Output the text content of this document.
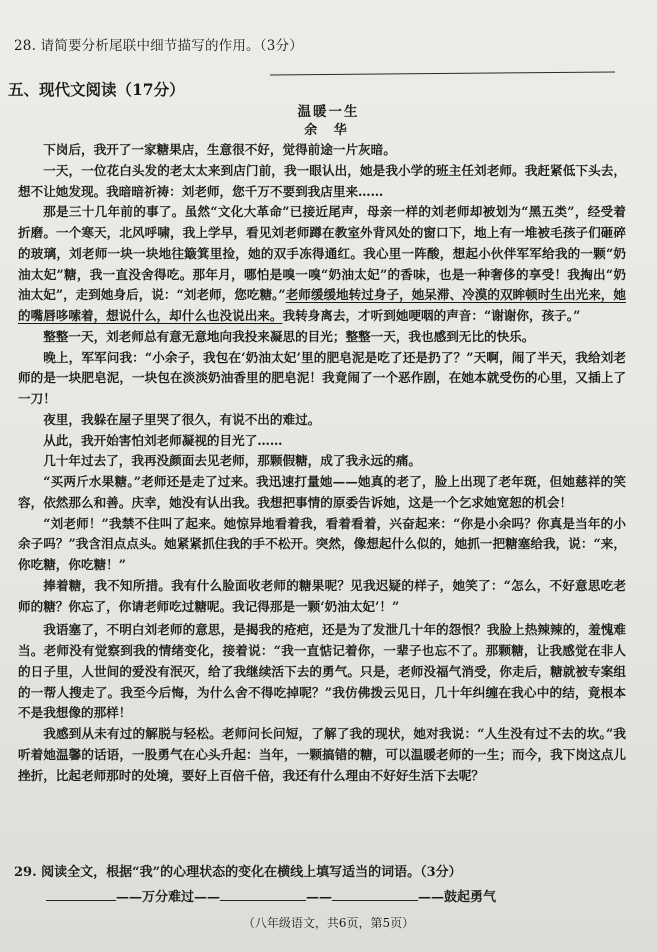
28. 请简要分析尾联中细节描写的作用。（3分）
五、现代文阅读（17分）
温暖一生
余 华

下岗后，我开了一家糖果店，生意很不好，觉得前途一片灰暗。

一天，一位花白头发的老太太来到店门前，我一眼认出，她是我小学的班主任刘老师。我赶紧低下头去，想不让她发现。我暗暗祈祷：刘老师，您千万不要到我店里来……

那是三十几年前的事了。虽然“文化大革命”已接近尾声，母亲一样的刘老师却被划为“黑五类”，经受着折磨。一个寒天，北风呼啸，我上学早，看见刘老师蹲在教室外背风处的窗口下，地上有一堆被毛孩子们砸碎的玻璃，刘老师一块一块地往簸箕里捡，她的双手冻得通红。我心里一阵酸，想起小伙伴军军给我的一颗“奶油太妃”糖，我一直没舍得吃。那年月，哪怕是嗅一嗅“奶油太妃”的香味，也是一种奢侈的享受！我掏出“奶油太妃”，走到她身后，说：“刘老师，您吃糖。”老师缓缓地转过身子，她呆滞、冷漠的双眸顿时生出光来，她的嘴唇哆嗦着，想说什么，却什么也没说出来。我转身离去，才听到她哽咽的声音：“谢谢你，孩子。”

整整一天，刘老师总有意无意地向我投来凝思的目光；整整一天，我也感到无比的快乐。

晚上，军军问我：“小余子，我包在‘奶油太妃’里的肥皂泥是吃了还是扔了？”天啊，闹了半天，我给刘老师的是一块肥皂泥，一块包在淡淡奶油香里的肥皂泥！我竟闹了一个恶作剧，在她本就受伤的心里，又插上了一刀！

夜里，我躲在屋子里哭了很久，有说不出的难过。

从此，我开始害怕刘老师凝视的目光了……

几十年过去了，我再没颜面去见老师，那颗假糖，成了我永远的痛。

“买两斤水果糖。”老师还是走了过来。我迅速打量她——她真的老了，脸上出现了老年斑，但她慈祥的笑容，依然那么和善。庆幸，她没有认出我。我想把事情的原委告诉她，这是一个乞求她宽恕的机会！

“刘老师！”我禁不住叫了起来。她惊异地看着我，看着看着，兴奋起来：“你是小余吗？你真是当年的小余子吗？”我含泪点点头。她紧紧抓住我的手不松开。突然，像想起什么似的，她抓一把糖塞给我，说：“来，你吃糖，你吃糖！”

捧着糖，我不知所措。我有什么脸面收老师的糖果呢？见我迟疑的样子，她笑了：“怎么，不好意思吃老师的糖？你忘了，你请老师吃过糖呢。我记得那是一颗‘奶油太妃’！”

我语塞了，不明白刘老师的意思，是揭我的疮疤，还是为了发泄几十年的怨恨？我脸上热辣辣的，羞愧难当。老师没有觉察到我的情绪变化，接着说：“我一直惦记着你，一辈子也忘不了。那颗糖，让我感觉在非人的日子里，人世间的爱没有泯灭，给了我继续活下去的勇气。只是，老师没福气消受，你走后，糖就被专案组的一帮人搜走了。我至今后悔，为什么舍不得吃掉呢？”我仿佛拨云见日，几十年纠缠在我心中的结，竟根本不是我想像的那样！

我感到从未有过的解脱与轻松。老师问长问短，了解了我的现状，她对我说：“人生没有过不去的坎。”我听着她温馨的话语，一股勇气在心头升起：当年，一颗搞错的糖，可以温暖老师的一生；而今，我下岗这点儿挫折，比起老师那时的处境，要好上百倍千倍，我还有什么理由不好好生活下去呢？

29. 阅读全文，根据“我”的心理状态的变化在横线上填写适当的词语。（3分）
——万分难过——	——	——鼓起勇气
（八年级语文，共6页，第5页）
